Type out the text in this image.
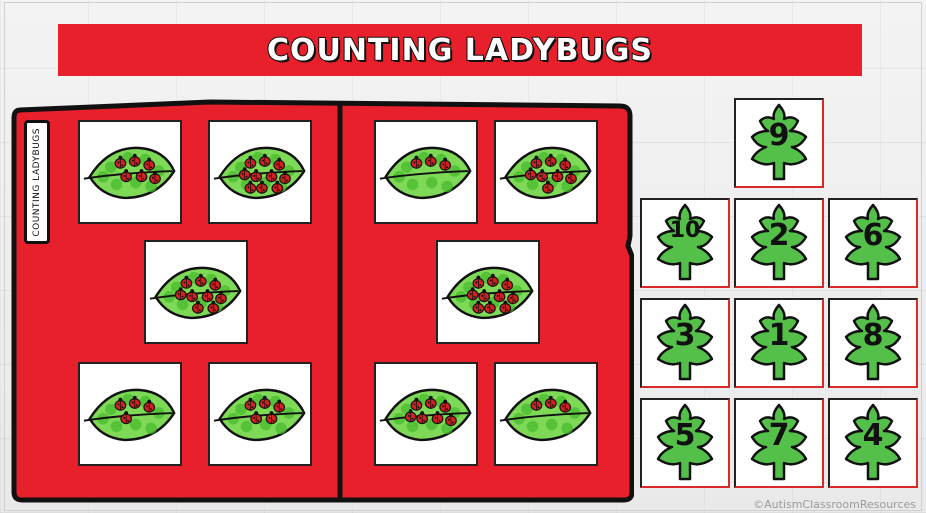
COUNTING LADYBUGS
COUNTING LADYBUGS	9
10	2	6
3	1	8
5	7	4
©AutismClassroomResources
